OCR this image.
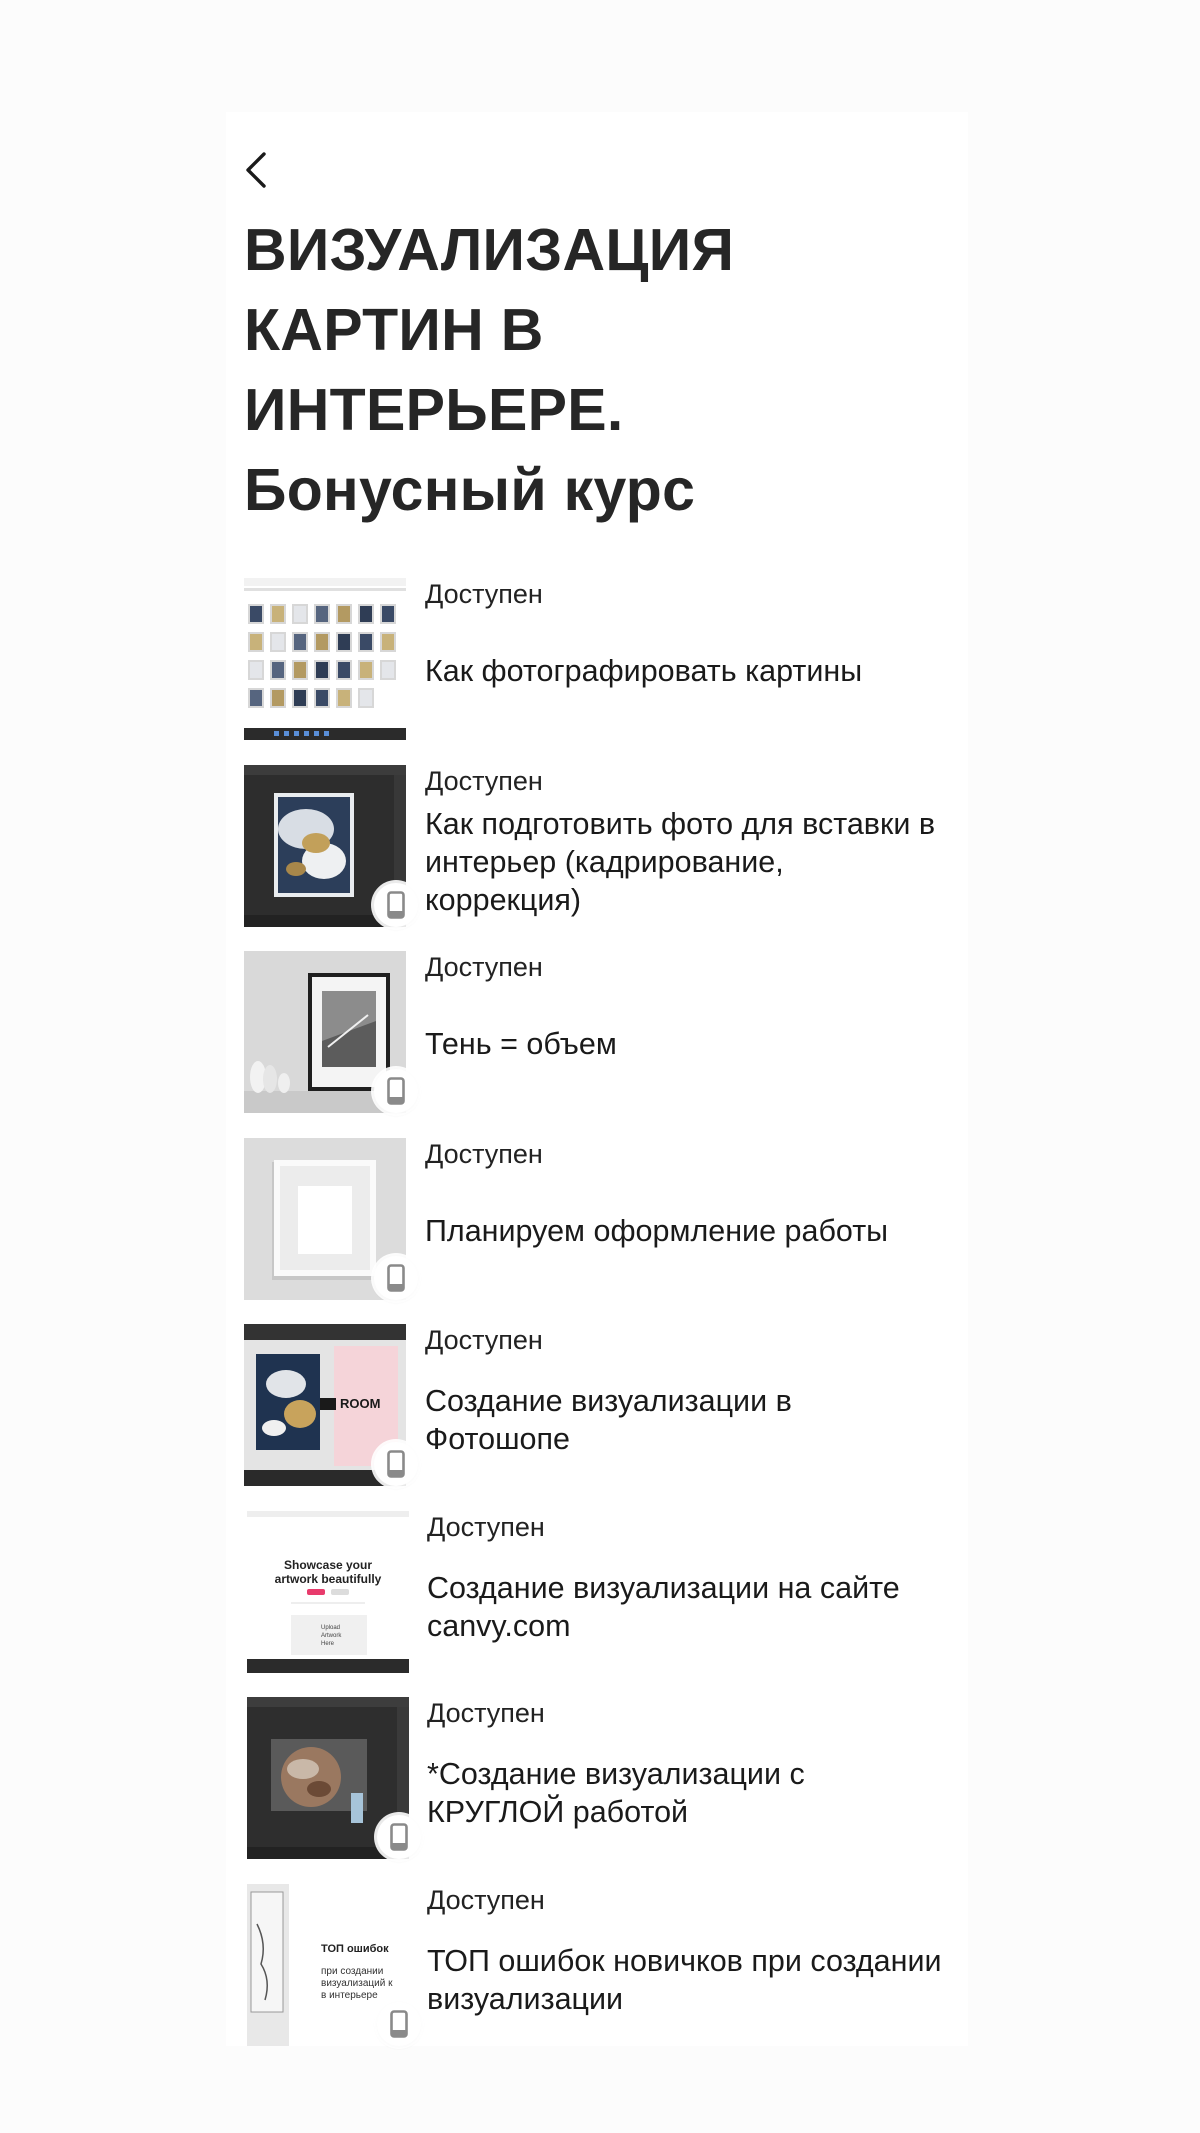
ВИЗУАЛИЗАЦИЯ
КАРТИН В
ИНТЕРЬЕРЕ.
Бонусный курс
Доступен
Как фотографировать картины
Доступен
Как подготовить фото для вставки в интерьер (кадрирование, коррекция)
Доступен
Тень = объем
Доступен
Планируем оформление работы
ROOM
Доступен
Создание визуализации в Фотошопе
Showcase your
artwork beautifully
Upload
Artwork
Here
Доступен
Создание визуализации на сайте canvy.com
Доступен
*Создание визуализации с КРУГЛОЙ работой
ТОП ошибок
при создании
визуализаций к
в интерьере
Доступен
ТОП ошибок новичков при создании визуализации
